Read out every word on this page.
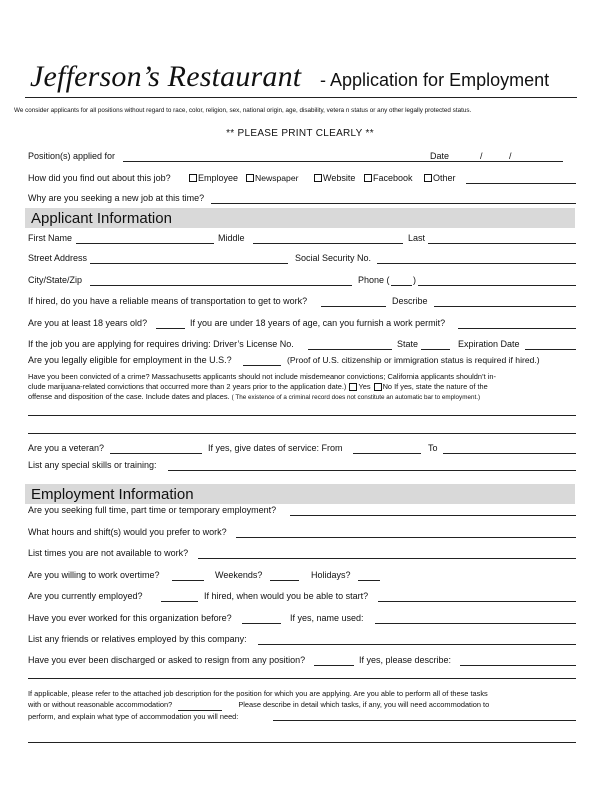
Jefferson’s Restaurant - Application for Employment
We consider applicants for all positions without regard to race, color, religion, sex, national origin, age, disability, vetera n status or any other legally protected status.
** PLEASE PRINT CLEARLY **
Position(s) applied for	Date	/	/
How did you find out about this job?	Employee	Newspaper	Website	Facebook	Other
Why are you seeking a new job at this time?
Applicant Information
First Name	Middle	Last
Street Address	Social Security No.
City/State/Zip	Phone (	)
If hired, do you have a reliable means of transportation to get to work?	Describe
Are you at least 18 years old?	If you are under 18 years of age, can you furnish a work permit?
If the job you are applying for requires driving: Driver’s License No.	State	Expiration Date
Are you legally eligible for employment in the U.S.?	(Proof of U.S. citizenship or immigration status is required if hired.)
Have you been convicted of a crime? Massachusetts applicants should not include misdemeanor convictions; California applicants shouldn’t in-
clude marijuana-related convictions that occurred more than 2 years prior to the application date.) Yes No If yes, state the nature of the
offense and disposition of the case. Include dates and places. ( The existence of a criminal record does not constitute an automatic bar to employment.)
Are you a veteran?	If yes, give dates of service: From	To
List any special skills or training:
Employment Information
Are you seeking full time, part time or temporary employment?
What hours and shift(s) would you prefer to work?
List times you are not available to work?
Are you willing to work overtime?	Weekends?	Holidays?
Are you currently employed?	If hired, when would you be able to start?
Have you ever worked for this organization before?	If yes, name used:
List any friends or relatives employed by this company:
Have you ever been discharged or asked to resign from any position?	If yes, please describe:
If applicable, please refer to the attached job description for the position for which you are applying. Are you able to perform all of these tasks
with or without reasonable accommodation?	Please describe in detail which tasks, if any, you will need accommodation to
perform, and explain what type of accommodation you will need:
